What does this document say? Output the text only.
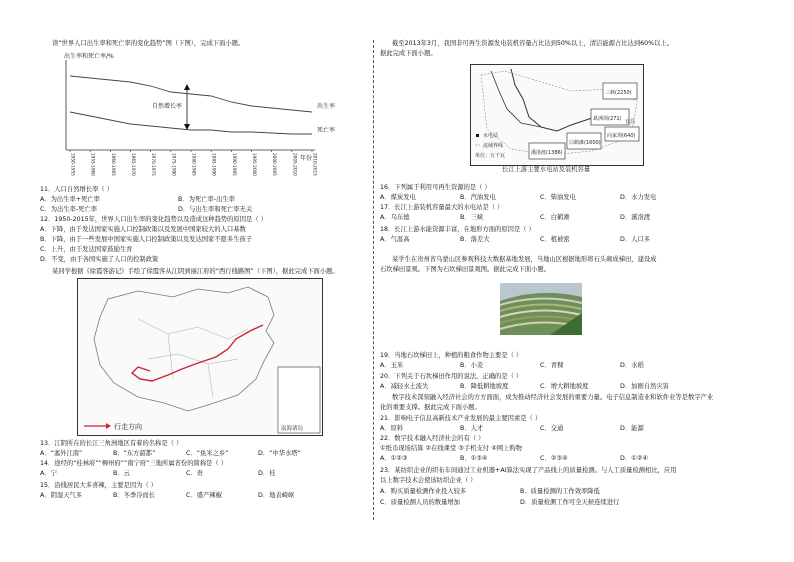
读“世界人口出生率和死亡率的变化趋势”图（下图），完成下面小题。
出生率和死亡率/%
年份
自然增长率	出生率
死亡率
1950-1955	1955-1960	1960-1965	1965-1970	1970-1975	1975-1980	1980-1985	1985-1990	1990-1995	1995-2000	2000-2005	2005-2010	2010-2015
11．人口自然增长率（ ）
A．为出生率+死亡率	B．为死亡率-出生率
C．为出生率-死亡率	D．与出生率和死亡率无关
12．1950-2015年，世界人口出生率的变化趋势以及造成这种趋势的原因是（ ）
A．下降，由于发达国家实施人口控制政策以及发展中国家较大的人口基数
B．下降，由于一些发展中国家实施人口控制政策以及发达国家不愿多生孩子
C．上升，由于发达国家鼓励生育
D．不变，由于各国实施了人口的控制政策
某同学根据《徐霞客游记》手绘了徐霞客从江阴到丽江府的“西行线路图”（下图），据此完成下面小题。
南海诸岛
行走方向
13．江阴所在的长江三角洲地区有着的名称是（ ）
A．“塞外江南”	B．“东方韶都”	C．“鱼米之乡”	D．“中华水塔”
14．途经的“桂林府”“柳州府”“南宁府”三地所属省份的简称是（ ）
A．宁	B．云	C．贵	D．桂
15．沿线居民大多喜辣，主要是因为（ ）
A．阴湿天气多	B．冬季冷而长	C．盛产辣椒	D．地表崎岖
截至2013年3月，我国非可再生资源发电装机容量占比达到50%以上，清洁能源占比达到60%以上。
据此完成下面小题。
三峡(2250)
葛洲坝(271)
白鹤滩(1600)
溪洛渡(1386)
向家坝(640)
宜昌
水电站
流域界线
单位：万千瓦
长江上游主要水电站及装机容量
16．下列属于利用可再生资源的是（ ）
A．煤炭发电	B．汽油发电	C．柴油发电	D．水力发电
17．长江上游装机容量最大的水电站是（ ）
A．乌东德	B．三峡	C．白鹤滩	D．溪洛渡
18．长江上游水能资源丰富，在地形方面的原因是（ ）
A．气温高	B．落差大	C．植被密	D．人口多
某学生在贵州省乌蒙山区参观科技大数据基地发展，当地山区根据地形将石头砌成梯田，建设成
石坎梯田景观。下图为石坎梯田景观图。据此完成下面小题。
19．当地石坎梯田上，种植的粮食作物主要是（ ）
A．玉米	B．小麦	C．青稞	D．水稻
20．下列关于石坎梯田作用的说法，正确的是（ ）
A．减轻水土流失	B．降低耕地坡度	C．增大耕地坡度	D．加剧自然灾害
数字技术深刻融入经济社会的方方面面，成为推动经济社会发展的重要力量。电子信息制造业和软件业等是数字产业
化的重要支撑。据此完成下面小题。
21．影响电子信息高新技术产业发展的最主要因素是（ ）
A．原料	B．人才	C．交通	D．能源
22．数字技术融入经济社会的有（ ）
①纸币现场结算 ②在线课堂 ③手机支付 ④网上购物
A．①②③	B．①③④	C．②③④	D．①②④
23．某纺织企业的织布车间通过工业机器+AI算法实现了产品线上的质量检测。与人工质量检测相比，应用
以上数字技术会使该纺织企业（ ）
A．购买质量检测作业投入较多	B．质量检测的工作效率降低
C．质量检测人员的数量增加	D．质量检测工作可全天候连续进行
